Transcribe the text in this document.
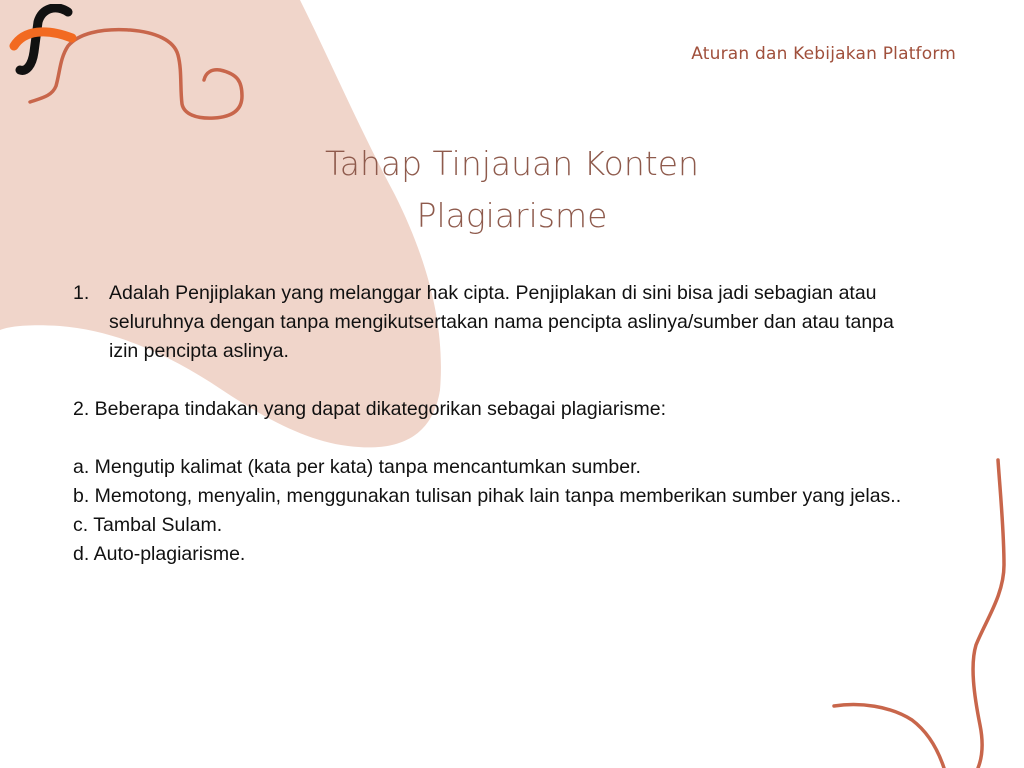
Aturan dan Kebijakan Platform
Tahap Tinjauan Konten
Plagiarisme
1.	Adalah Penjiplakan yang melanggar hak cipta. Penjiplakan di sini bisa jadi sebagian atau seluruhnya dengan tanpa mengikutsertakan nama pencipta aslinya/sumber dan atau tanpa izin pencipta aslinya.

2. Beberapa tindakan yang dapat dikategorikan sebagai plagiarisme:

a. Mengutip kalimat (kata per kata) tanpa mencantumkan sumber.

b. Memotong, menyalin, menggunakan tulisan pihak lain tanpa memberikan sumber yang jelas..

c. Tambal Sulam.

d. Auto-plagiarisme.
